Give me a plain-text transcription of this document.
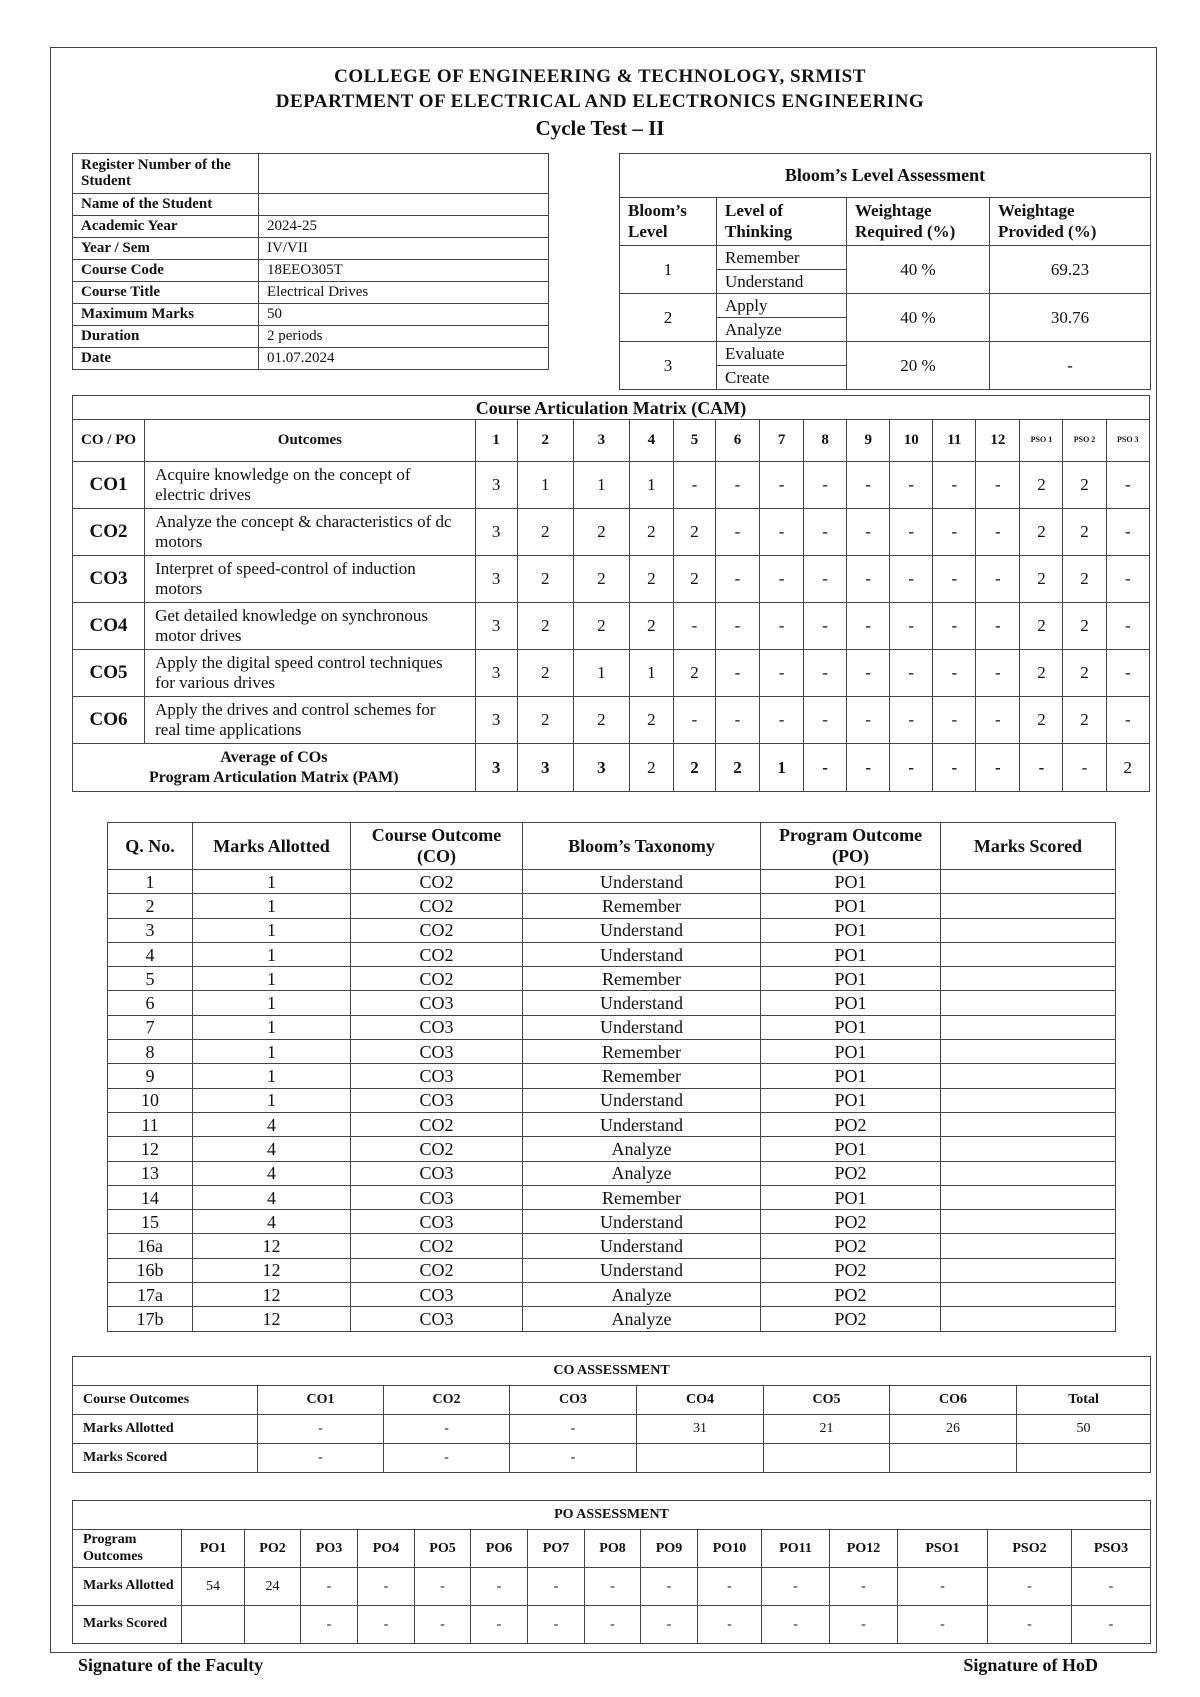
COLLEGE OF ENGINEERING & TECHNOLOGY, SRMIST
DEPARTMENT OF ELECTRICAL AND ELECTRONICS ENGINEERING
Cycle Test – II
Register Number of the Student	
Name of the Student	
Academic Year	2024-25
Year / Sem	IV/VII
Course Code	18EEO305T
Course Title	Electrical Drives
Maximum Marks	50
Duration	2 periods
Date	01.07.2024
Bloom’s Level Assessment			
Bloom’s Level	Level of Thinking	Weightage Required (%)	Weightage Provided (%)
1	Remember	40 %	69.23
	Understand		
2	Apply	40 %	30.76
	Analyze		
3	Evaluate	20 %	-
	Create		
Course Articulation Matrix (CAM)																
CO / PO	Outcomes	1	2	3	4	5	6	7	8	9	10	11	12	PSO 1	PSO 2	PSO 3
CO1	Acquire knowledge on the concept of electric drives	3	1	1	1	-	-	-	-	-	-	-	-	2	2	-
CO2	Analyze the concept & characteristics of dc motors	3	2	2	2	2	-	-	-	-	-	-	-	2	2	-
CO3	Interpret of speed-control of induction motors	3	2	2	2	2	-	-	-	-	-	-	-	2	2	-
CO4	Get detailed knowledge on synchronous motor drives	3	2	2	2	-	-	-	-	-	-	-	-	2	2	-
CO5	Apply the digital speed control techniques for various drives	3	2	1	1	2	-	-	-	-	-	-	-	2	2	-
CO6	Apply the drives and control schemes for real time applications	3	2	2	2	-	-	-	-	-	-	-	-	2	2	-

Average of COs
Program Articulation Matrix (PAM)		3	3	3	2	2	2	1	-	-	-	-	-	-	-	2
Q. No.	Marks Allotted	Course Outcome (CO)	Bloom’s Taxonomy	Program Outcome (PO)	Marks Scored
1	1	CO2	Understand	PO1	
2	1	CO2	Remember	PO1	
3	1	CO2	Understand	PO1	
4	1	CO2	Understand	PO1	
5	1	CO2	Remember	PO1	
6	1	CO3	Understand	PO1	
7	1	CO3	Understand	PO1	
8	1	CO3	Remember	PO1	
9	1	CO3	Remember	PO1	
10	1	CO3	Understand	PO1	
11	4	CO2	Understand	PO2	
12	4	CO2	Analyze	PO1	
13	4	CO3	Analyze	PO2	
14	4	CO3	Remember	PO1	
15	4	CO3	Understand	PO2	
16a	12	CO2	Understand	PO2	
16b	12	CO2	Understand	PO2	
17a	12	CO3	Analyze	PO2	
17b	12	CO3	Analyze	PO2	
CO ASSESSMENT							
Course Outcomes	CO1	CO2	CO3	CO4	CO5	CO6	Total
Marks Allotted	-	-	-	31	21	26	50
Marks Scored	-	-	-				
PO ASSESSMENT															
Program Outcomes	PO1	PO2	PO3	PO4	PO5	PO6	PO7	PO8	PO9	PO10	PO11	PO12	PSO1	PSO2	PSO3
Marks Allotted	54	24	-	-	-	-	-	-	-	-	-	-	-	-	-
Marks Scored			-	-	-	-	-	-	-	-	-	-	-	-	-
Signature of the Faculty	Signature of HoD
